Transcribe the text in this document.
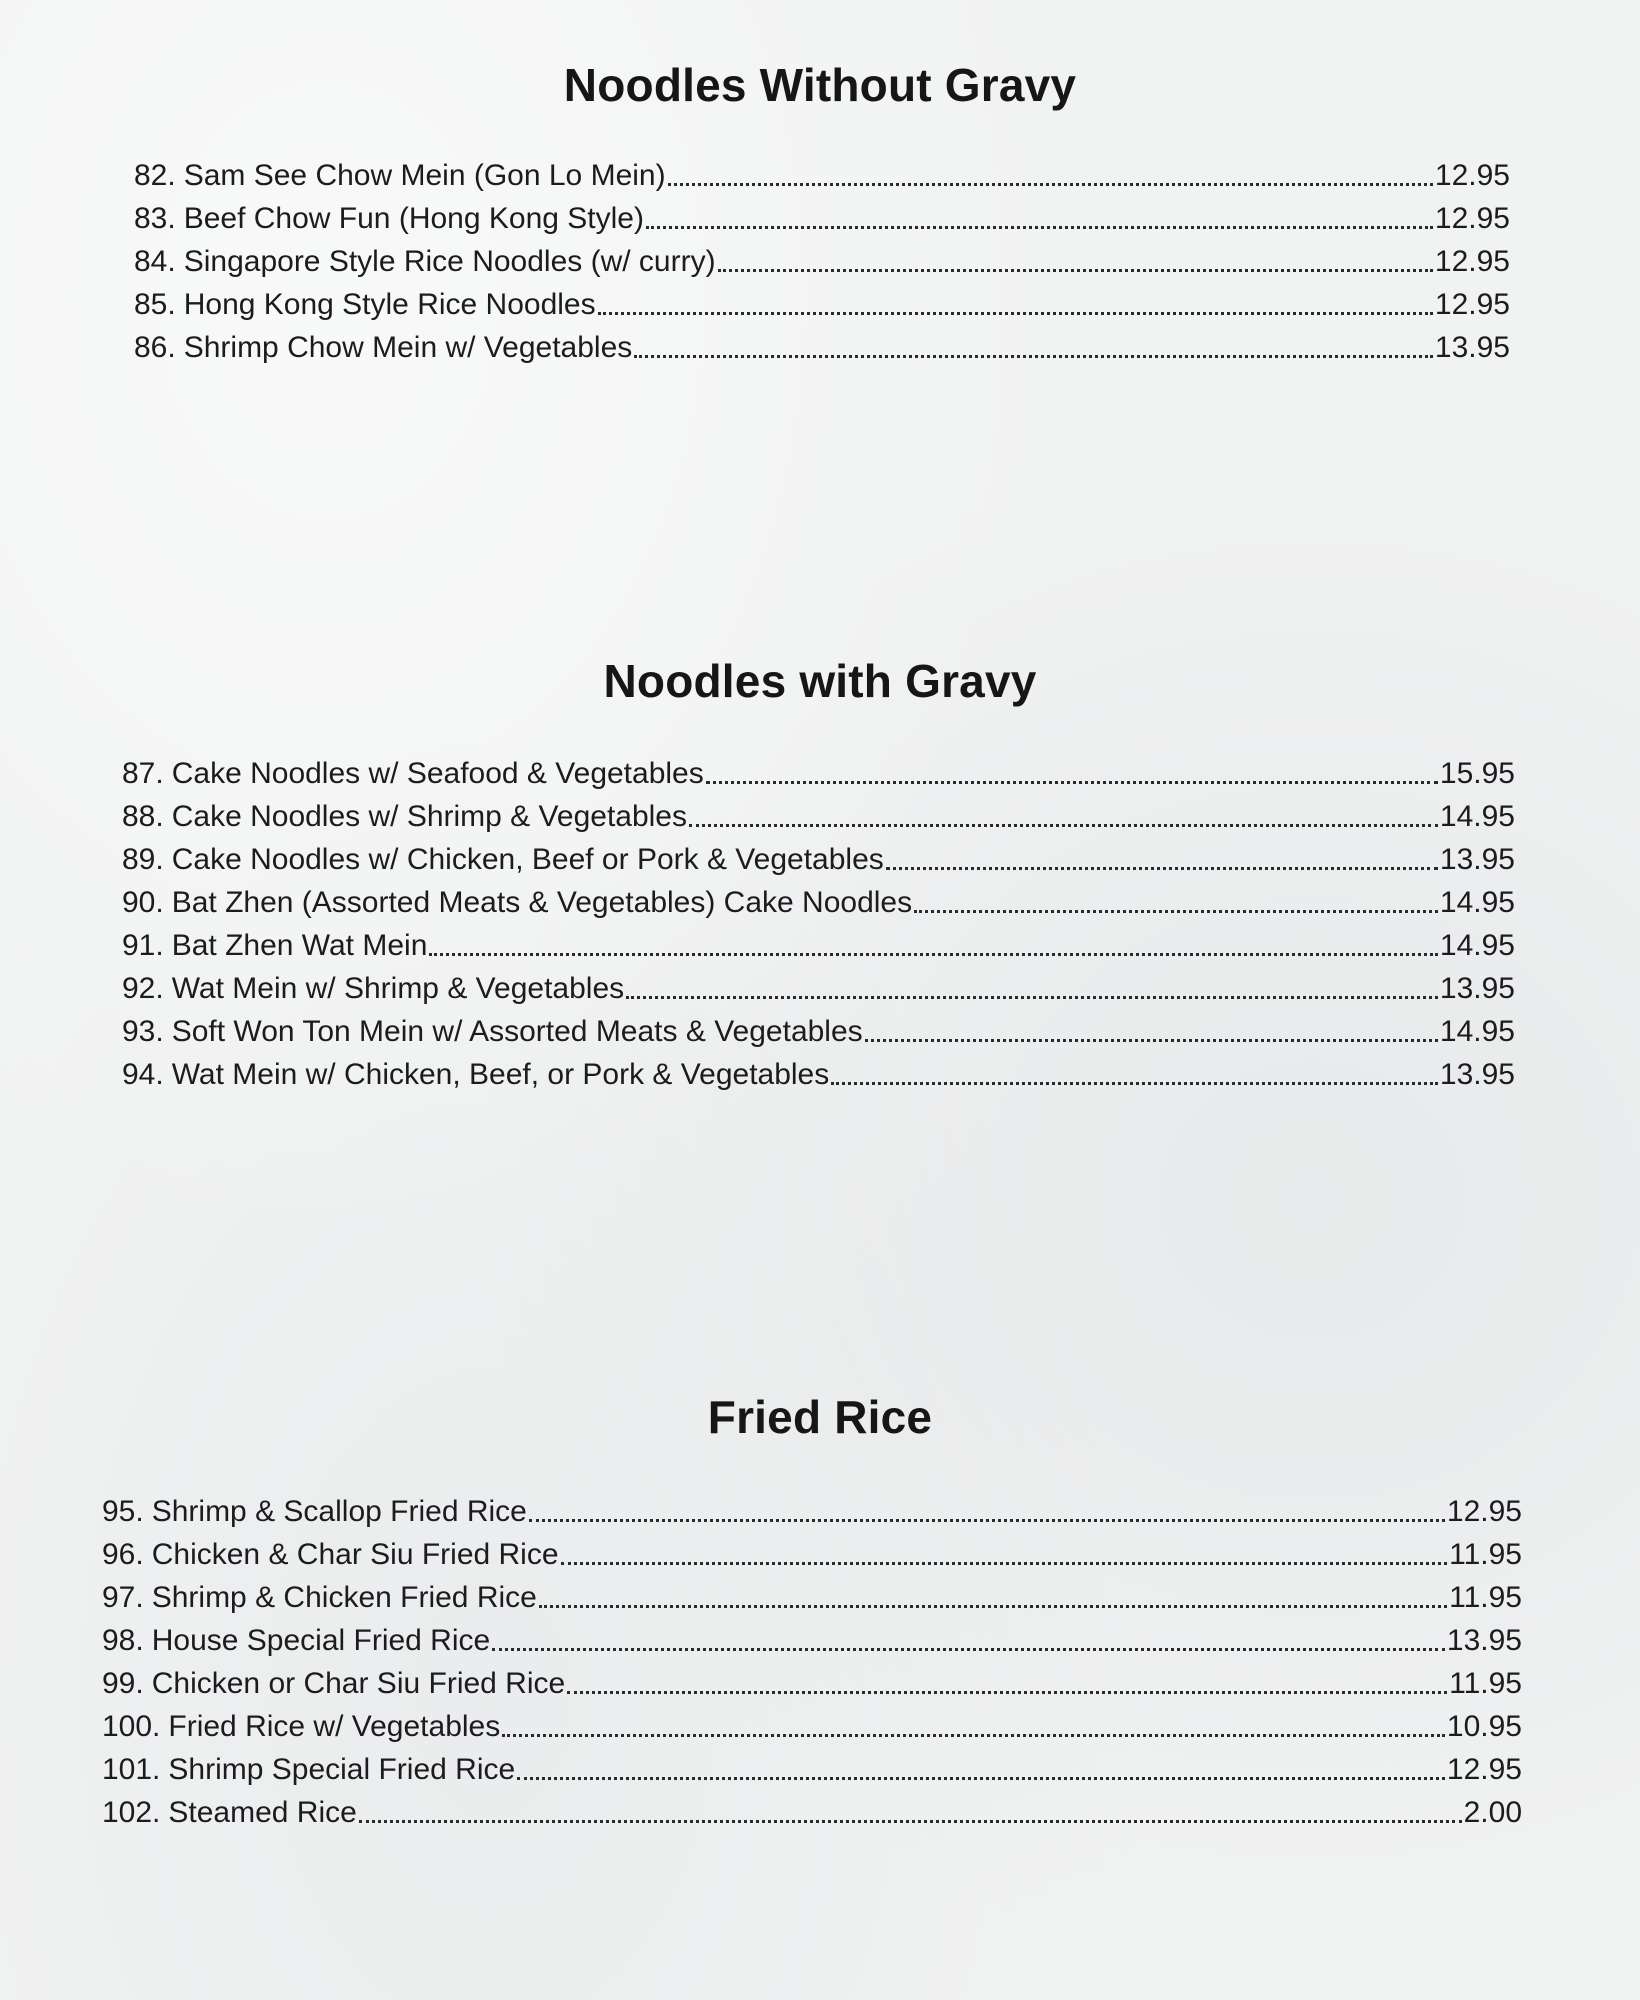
Noodles Without Gravy
82. Sam See Chow Mein (Gon Lo Mein)	12.95
83. Beef Chow Fun (Hong Kong Style)	12.95
84. Singapore Style Rice Noodles (w/ curry)	12.95
85. Hong Kong Style Rice Noodles	12.95
86. Shrimp Chow Mein w/ Vegetables	13.95
Noodles with Gravy
87. Cake Noodles w/ Seafood & Vegetables	15.95
88. Cake Noodles w/ Shrimp & Vegetables	14.95
89. Cake Noodles w/ Chicken, Beef or Pork & Vegetables	13.95
90. Bat Zhen (Assorted Meats & Vegetables) Cake Noodles	14.95
91. Bat Zhen Wat Mein	14.95
92. Wat Mein w/ Shrimp & Vegetables	13.95
93. Soft Won Ton Mein w/ Assorted Meats & Vegetables	14.95
94. Wat Mein w/ Chicken, Beef, or Pork & Vegetables	13.95
Fried Rice
95. Shrimp & Scallop Fried Rice	12.95
96. Chicken & Char Siu Fried Rice	11.95
97. Shrimp & Chicken Fried Rice	11.95
98. House Special Fried Rice	13.95
99. Chicken or Char Siu Fried Rice	11.95
100. Fried Rice w/ Vegetables	10.95
101. Shrimp Special Fried Rice	12.95
102. Steamed Rice	2.00
